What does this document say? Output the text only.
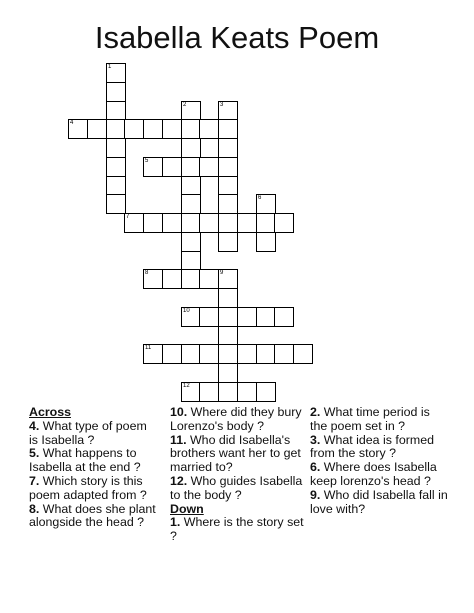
Isabella Keats Poem
1
2	3
4
5
6
7
8	9
10
11
12
Across

4. What type of poem is Isabella ?

5. What happens to Isabella at the end ?

7. Which story is this poem adapted from ?

8. What does she plant alongside the head ?

10. Where did they bury Lorenzo's body ?

11. Who did Isabella's brothers want her to get married to?

12. Who guides Isabella to the body ?

Down

1. Where is the story set ?

2. What time period is the poem set in ?

3. What idea is formed from the story ?

6. Where does Isabella keep lorenzo's head ?

9. Who did Isabella fall in love with?
